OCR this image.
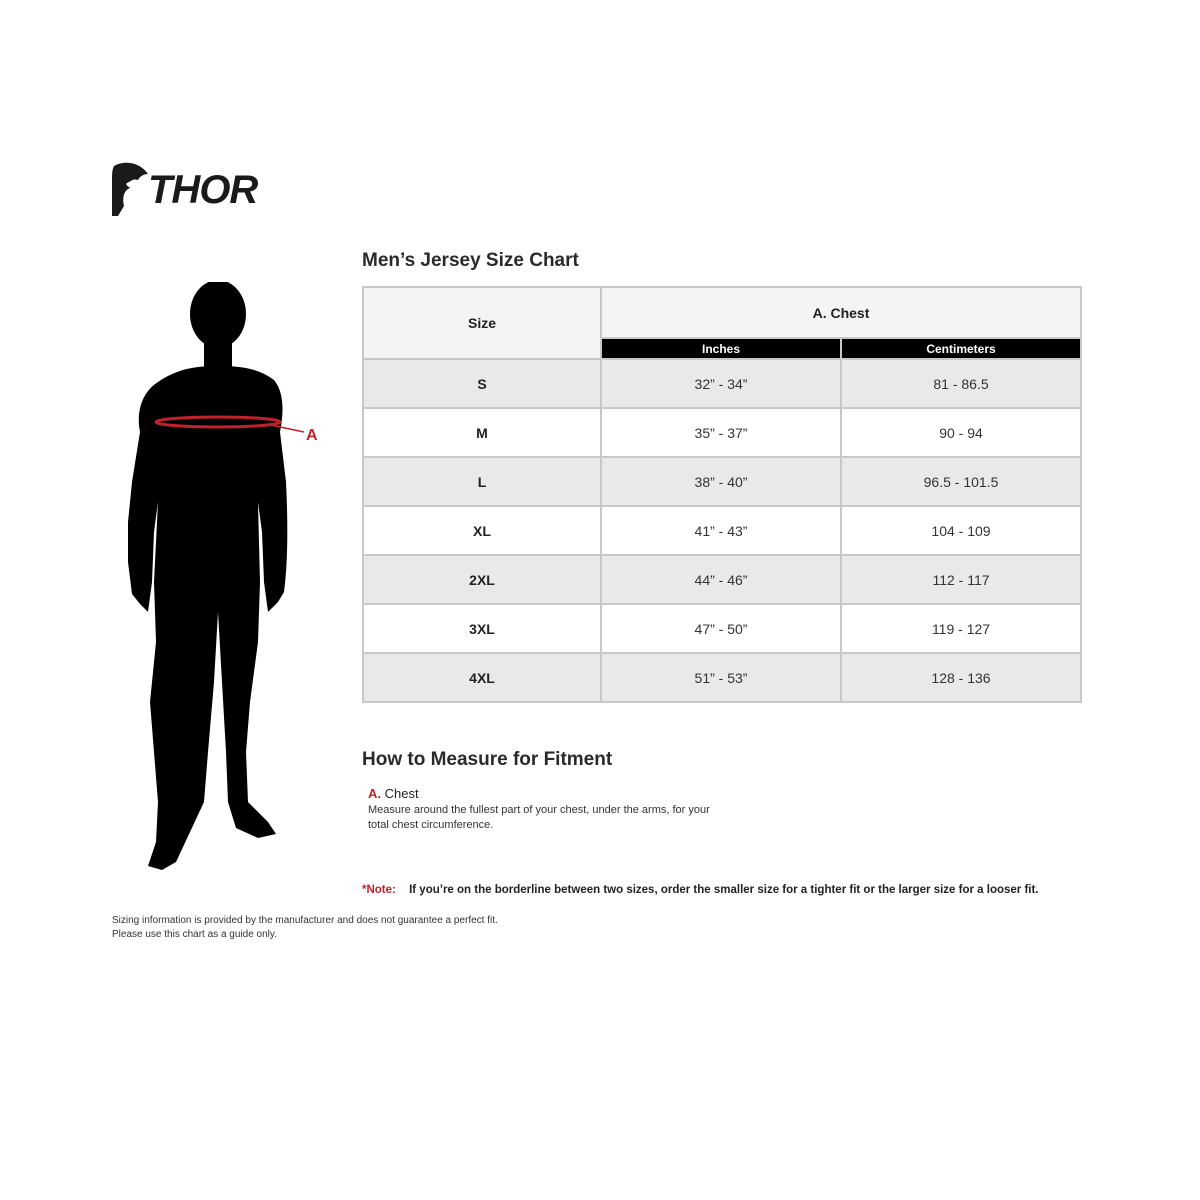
THOR
A
Men’s Jersey Size Chart
Size	A. Chest	
	Inches	Centimeters
S	32” - 34”	81 - 86.5
M	35” - 37”	90 - 94
L	38” - 40”	96.5 - 101.5
XL	41” - 43”	104 - 109
2XL	44” - 46”	112 - 117
3XL	47” - 50”	119 - 127
4XL	51” - 53”	128 - 136
How to Measure for Fitment
A. Chest
Measure around the fullest part of your chest, under the arms, for your
total chest circumference.
*Note: If you’re on the borderline between two sizes, order the smaller size for a tighter fit or the larger size for a looser fit.
Sizing information is provided by the manufacturer and does not guarantee a perfect fit.
Please use this chart as a guide only.
